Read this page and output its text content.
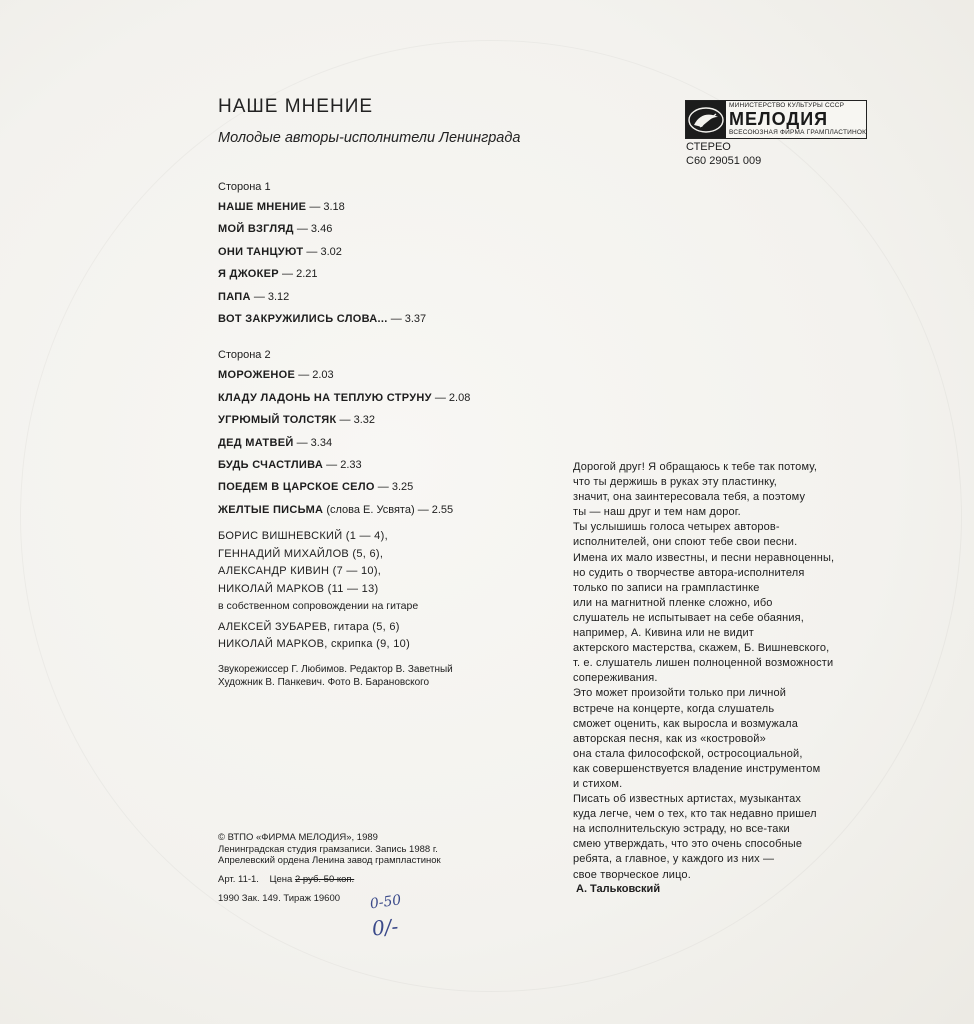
НАШЕ МНЕНИЕ
Молодые авторы-исполнители Ленинграда
МИНИСТЕРСТВО КУЛЬТУРЫ СССР
МЕЛОДИЯ
ВСЕСОЮЗНАЯ ФИРМА ГРАМПЛАСТИНОК
СТЕРЕО
С60 29051 009
Сторона 1
НАШЕ МНЕНИЕ — 3.18
МОЙ ВЗГЛЯД — 3.46
ОНИ ТАНЦУЮТ — 3.02
Я ДЖОКЕР — 2.21
ПАПА — 3.12
ВОТ ЗАКРУЖИЛИСЬ СЛОВА... — 3.37
Сторона 2
МОРОЖЕНОЕ — 2.03
КЛАДУ ЛАДОНЬ НА ТЕПЛУЮ СТРУНУ — 2.08
УГРЮМЫЙ ТОЛСТЯК — 3.32
ДЕД МАТВЕЙ — 3.34
БУДЬ СЧАСТЛИВА — 2.33
ПОЕДЕМ В ЦАРСКОЕ СЕЛО — 3.25
ЖЕЛТЫЕ ПИСЬМА (слова Е. Усвята) — 2.55
БОРИС ВИШНЕВСКИЙ (1 — 4),
ГЕННАДИЙ МИХАЙЛОВ (5, 6),
АЛЕКСАНДР КИВИН (7 — 10),
НИКОЛАЙ МАРКОВ (11 — 13)
в собственном сопровождении на гитаре
АЛЕКСЕЙ ЗУБАРЕВ, гитара (5, 6)
НИКОЛАЙ МАРКОВ, скрипка (9, 10)
Звукорежиссер Г. Любимов. Редактор В. Заветный
Художник В. Панкевич. Фото В. Барановского
© ВТПО «ФИРМА МЕЛОДИЯ», 1989
Ленинградская студия грамзаписи. Запись 1988 г.
Апрелевский ордена Ленина завод грампластинок
Арт. 11-1. Цена 2 руб. 50 коп.
1990 Зак. 149. Тираж 19600 0-50
0/-
Дорогой друг! Я обращаюсь к тебе так потому,
что ты держишь в руках эту пластинку,
значит, она заинтересовала тебя, а поэтому
ты — наш друг и тем нам дорог.
Ты услышишь голоса четырех авторов-
исполнителей, они споют тебе свои песни.
Имена их мало известны, и песни неравноценны,
но судить о творчестве автора-исполнителя
только по записи на грампластинке
или на магнитной пленке сложно, ибо
слушатель не испытывает на себе обаяния,
например, А. Кивина или не видит
актерского мастерства, скажем, Б. Вишневского,
т. е. слушатель лишен полноценной возможности
сопереживания.
Это может произойти только при личной
встрече на концерте, когда слушатель
сможет оценить, как выросла и возмужала
авторская песня, как из «костровой»
она стала философской, остросоциальной,
как совершенствуется владение инструментом
и стихом.
Писать об известных артистах, музыкантах
куда легче, чем о тех, кто так недавно пришел
на исполнительскую эстраду, но все-таки
смею утверждать, что это очень способные
ребята, а главное, у каждого из них —
свое творческое лицо.
А. Тальковский
